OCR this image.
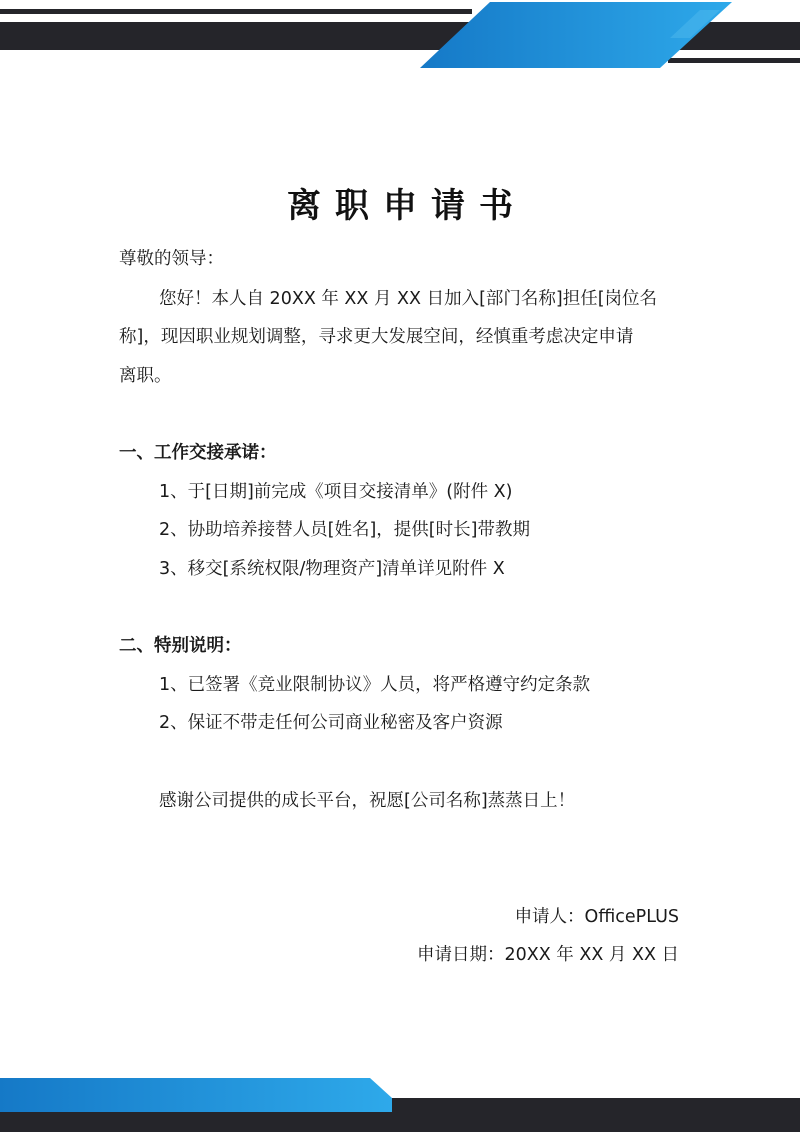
离职申请书

尊敬的领导：

您好！本人自 20XX 年 XX 月 XX 日加入[部门名称]担任[岗位名

称]，现因职业规划调整，寻求更大发展空间，经慎重考虑决定申请

离职。

一、工作交接承诺：

1、于[日期]前完成《项目交接清单》(附件 X)

2、协助培养接替人员[姓名]，提供[时长]带教期

3、移交[系统权限/物理资产]清单详见附件 X

二、特别说明：

1、已签署《竞业限制协议》人员，将严格遵守约定条款

2、保证不带走任何公司商业秘密及客户资源

感谢公司提供的成长平台，祝愿[公司名称]蒸蒸日上！

申请人：OfficePLUS

申请日期：20XX 年 XX 月 XX 日
